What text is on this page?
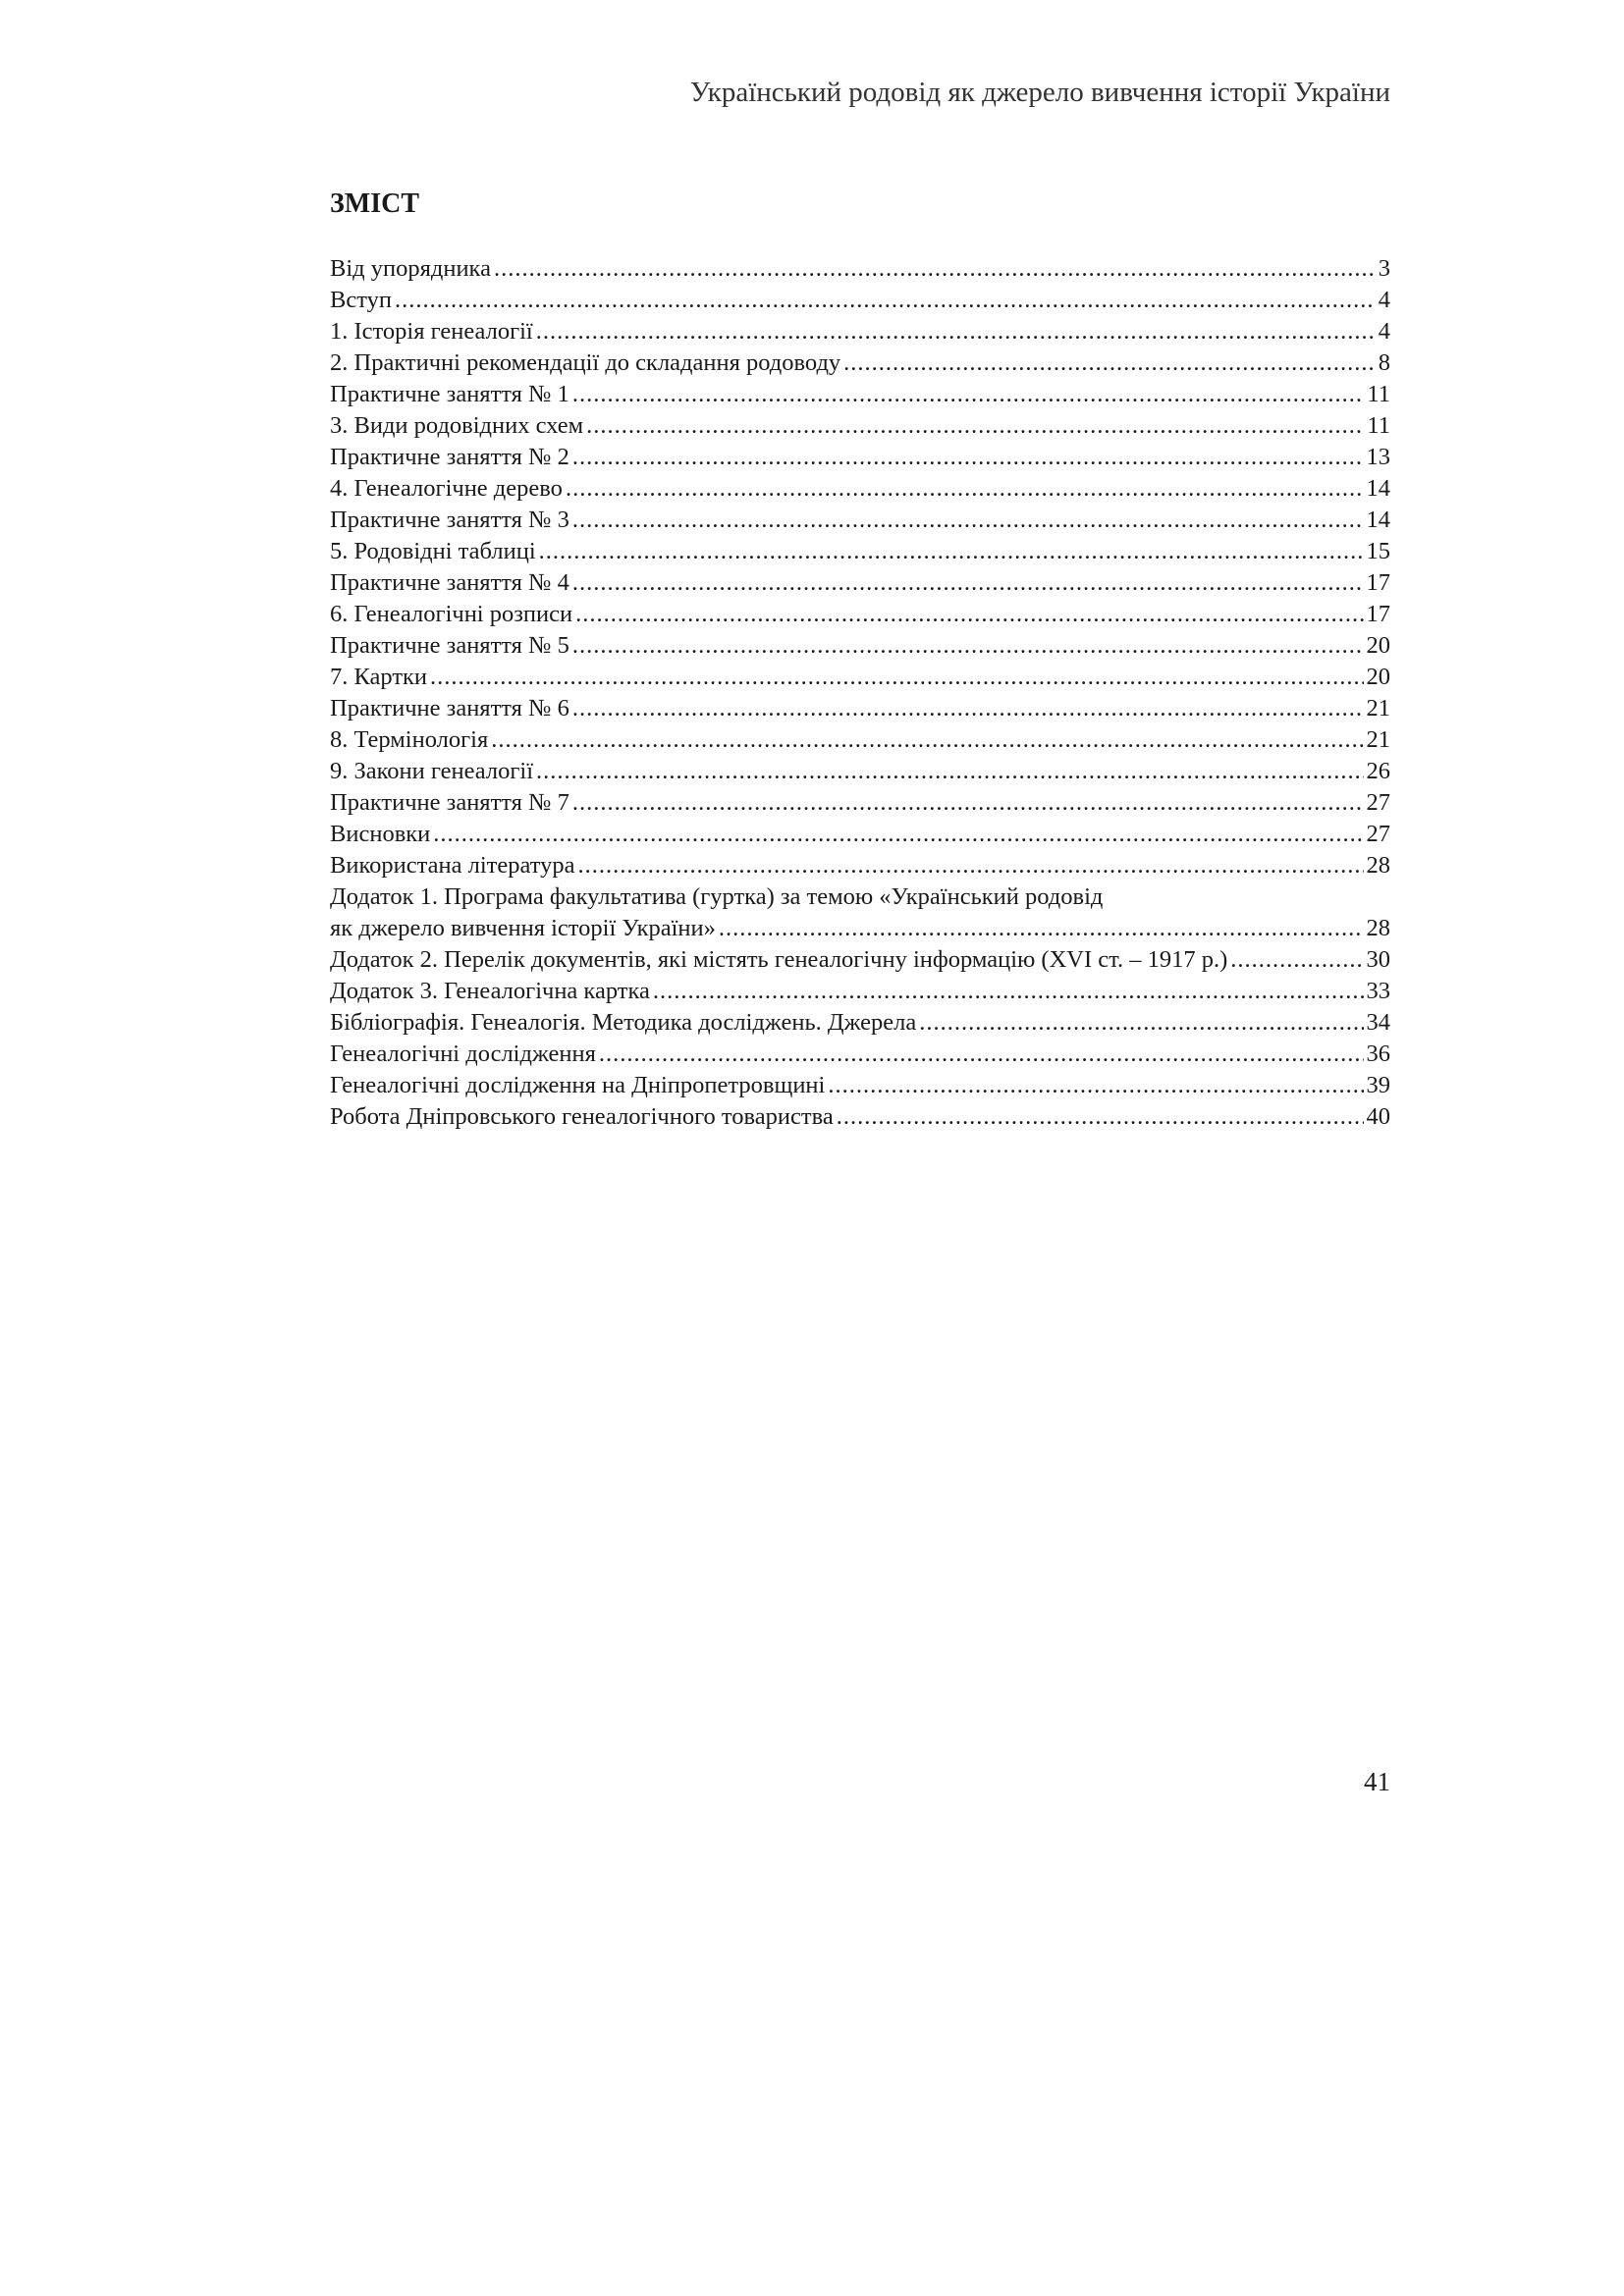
Український родовід як джерело вивчення історії України
ЗМІСТ
Від упорядника .....	3
Вступ .....	4
1. Історія генеалогії .....	4
2. Практичні рекомендації до складання родоводу .....	8
Практичне заняття № 1 .....	11
3. Види родовідних схем .....	11
Практичне заняття № 2 .....	13
4. Генеалогічне дерево .....	14
Практичне заняття № 3 .....	14
5. Родовідні таблиці .....	15
Практичне заняття № 4 .....	17
6. Генеалогічні розписи .....	17
Практичне заняття № 5 .....	20
7. Картки .....	20
Практичне заняття № 6 .....	21
8. Термінологія .....	21
9. Закони генеалогії .....	26
Практичне заняття № 7 .....	27
Висновки .....	27
Використана література .....	28
Додаток 1. Програма факультатива (гуртка) за темою «Український родовід
як джерело вивчення історії України» .....	28
Додаток 2. Перелік документів, які містять генеалогічну інформацію (XVI ст. – 1917 р.) .....	30
Додаток 3. Генеалогічна картка .....	33
Бібліографія. Генеалогія. Методика досліджень. Джерела .....	34
Генеалогічні дослідження .....	36
Генеалогічні дослідження на Дніпропетровщині .....	39
Робота Дніпровського генеалогічного товариства .....	40
41
